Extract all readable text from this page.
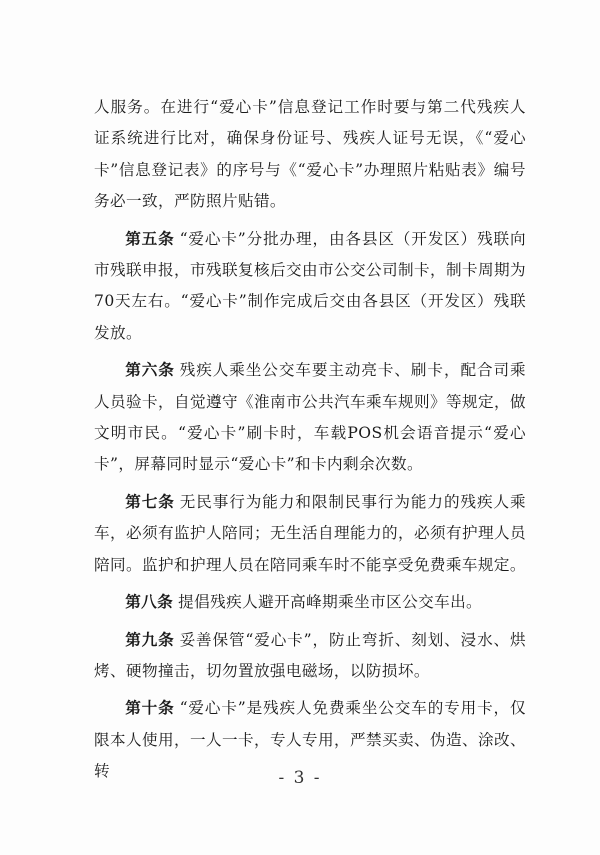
人服务。在进行“爱心卡”信息登记工作时要与第二代残疾人证系统进行比对，确保身份证号、残疾人证号无误，《“爱心卡”信息登记表》的序号与《“爱心卡”办理照片粘贴表》编号务必一致，严防照片贴错。

第五条 “爱心卡”分批办理，由各县区（开发区）残联向市残联申报，市残联复核后交由市公交公司制卡，制卡周期为70天左右。“爱心卡”制作完成后交由各县区（开发区）残联发放。

第六条 残疾人乘坐公交车要主动亮卡、刷卡，配合司乘人员验卡，自觉遵守《淮南市公共汽车乘车规则》等规定，做文明市民。“爱心卡”刷卡时，车载POS机会语音提示“爱心卡”，屏幕同时显示“爱心卡”和卡内剩余次数。

第七条 无民事行为能力和限制民事行为能力的残疾人乘车，必须有监护人陪同；无生活自理能力的，必须有护理人员陪同。监护和护理人员在陪同乘车时不能享受免费乘车规定。

第八条 提倡残疾人避开高峰期乘坐市区公交车出。

第九条 妥善保管“爱心卡”，防止弯折、刻划、浸水、烘烤、硬物撞击，切勿置放强电磁场，以防损坏。

第十条 “爱心卡”是残疾人免费乘坐公交车的专用卡，仅限本人使用，一人一卡，专人专用，严禁买卖、伪造、涂改、转	- 3 -
